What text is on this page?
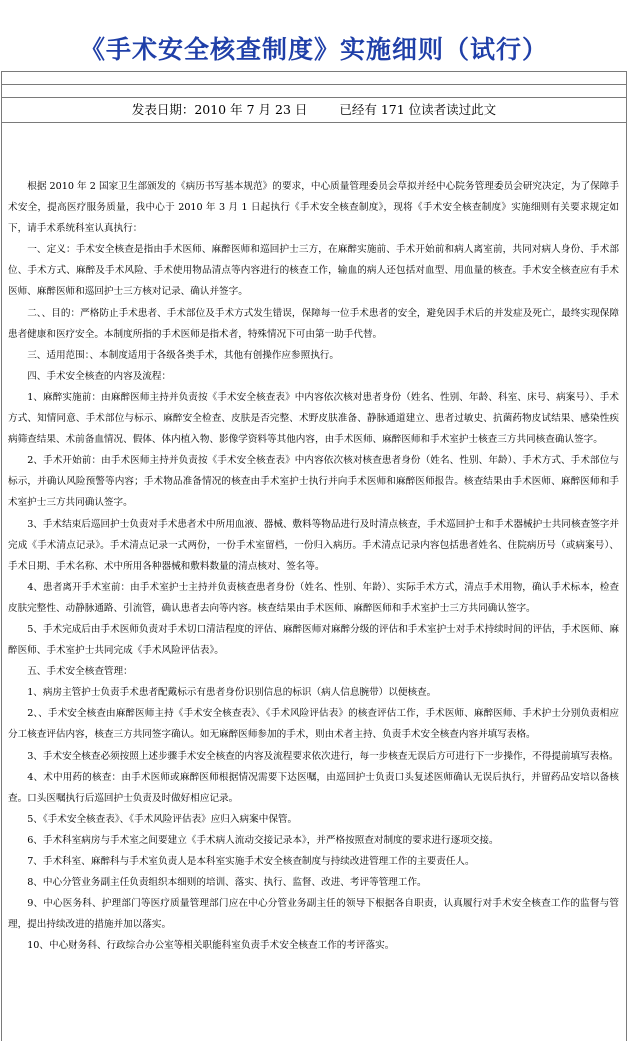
《手术安全核查制度》实施细则（试行）
发表日期：2010 年 7 月 23 日	已经有 171 位读者读过此文

根据 2010 年 2 国家卫生部颁发的《病历书写基本规范》的要求，中心质量管理委员会草拟并经中心院务管理委员会研究决定，为了保障手术安全，提高医疗服务质量，我中心于 2010 年 3 月 1 日起执行《手术安全核查制度》，现将《手术安全核查制度》实施细则有关要求规定如下，请手术系统科室认真执行：

一、定义：手术安全核查是指由手术医师、麻醉医师和巡回护士三方，在麻醉实施前、手术开始前和病人离室前，共同对病人身份、手术部位、手术方式、麻醉及手术风险、手术使用物品清点等内容进行的核查工作，输血的病人还包括对血型、用血量的核查。手术安全核查应有手术医师、麻醉医师和巡回护士三方核对记录、确认并签字。

二、、目的：严格防止手术患者、手术部位及手术方式发生错误，保障每一位手术患者的安全，避免因手术后的并发症及死亡，最终实现保障患者健康和医疗安全。本制度所指的手术医师是指术者，特殊情况下可由第一助手代替。

三、适用范围：、本制度适用于各级各类手术，其他有创操作应参照执行。

四、手术安全核查的内容及流程：

1、麻醉实施前：由麻醉医师主持并负责按《手术安全核查表》中内容依次核对患者身份（姓名、性别、年龄、科室、床号、病案号）、手术方式、知情同意、手术部位与标示、麻醉安全检查、皮肤是否完整、术野皮肤准备、静脉通道建立、患者过敏史、抗菌药物皮试结果、感染性疾病筛查结果、术前备血情况、假体、体内植入物、影像学资料等其他内容，由手术医师、麻醉医师和手术室护士核查三方共同核查确认签字。

2、手术开始前：由手术医师主持并负责按《手术安全核查表》中内容依次核对核查患者身份（姓名、性别、年龄）、手术方式、手术部位与标示，并确认风险预警等内容；手术物品准备情况的核查由手术室护士执行并向手术医师和麻醉医师报告。核查结果由手术医师、麻醉医师和手术室护士三方共同确认签字。

3、手术结束后巡回护士负责对手术患者术中所用血液、器械、敷料等物品进行及时清点核查，手术巡回护士和手术器械护士共同核查签字并完成《手术清点记录》。手术清点记录一式两份，一份手术室留档，一份归入病历。手术清点记录内容包括患者姓名、住院病历号（或病案号）、手术日期、手术名称、术中所用各种器械和敷料数量的清点核对、签名等。

4、患者离开手术室前：由手术室护士主持并负责核查患者身份（姓名、性别、年龄）、实际手术方式，清点手术用物，确认手术标本，检查皮肤完整性、动静脉通路、引流管，确认患者去向等内容。核查结果由手术医师、麻醉医师和手术室护士三方共同确认签字。

5、手术完成后由手术医师负责对手术切口清洁程度的评估、麻醉医师对麻醉分级的评估和手术室护士对手术持续时间的评估，手术医师、麻醉医师、手术室护士共同完成《手术风险评估表》。

五、手术安全核查管理：

1、病房主管护士负责手术患者配戴标示有患者身份识别信息的标识（病人信息腕带）以便核查。

2、、手术安全核查由麻醉医师主持《手术安全核查表》、《手术风险评估表》的核查评估工作，手术医师、麻醉医师、手术护士分别负责相应分工核查评估内容，核查三方共同签字确认。如无麻醉医师参加的手术，则由术者主持、负责手术安全核查内容并填写表格。

3、手术安全核查必须按照上述步骤手术安全核查的内容及流程要求依次进行，每一步核查无误后方可进行下一步操作，不得提前填写表格。

4、术中用药的核查：由手术医师或麻醉医师根据情况需要下达医嘱，由巡回护士负责口头复述医师确认无误后执行，并留药品安培以备核查。口头医嘱执行后巡回护士负责及时做好相应记录。

5、《手术安全核查表》、《手术风险评估表》应归入病案中保管。

6、手术科室病房与手术室之间要建立《手术病人流动交接记录本》，并严格按照查对制度的要求进行逐项交接。

7、手术科室、麻醉科与手术室负责人是本科室实施手术安全核查制度与持续改进管理工作的主要责任人。

8、中心分管业务副主任负责组织本细则的培训、落实、执行、监督、改进、考评等管理工作。

9、中心医务科、护理部门等医疗质量管理部门应在中心分管业务副主任的领导下根据各自职责，认真履行对手术安全核查工作的监督与管理，提出持续改进的措施并加以落实。

10、中心财务科、行政综合办公室等相关职能科室负责手术安全核查工作的考评落实。
